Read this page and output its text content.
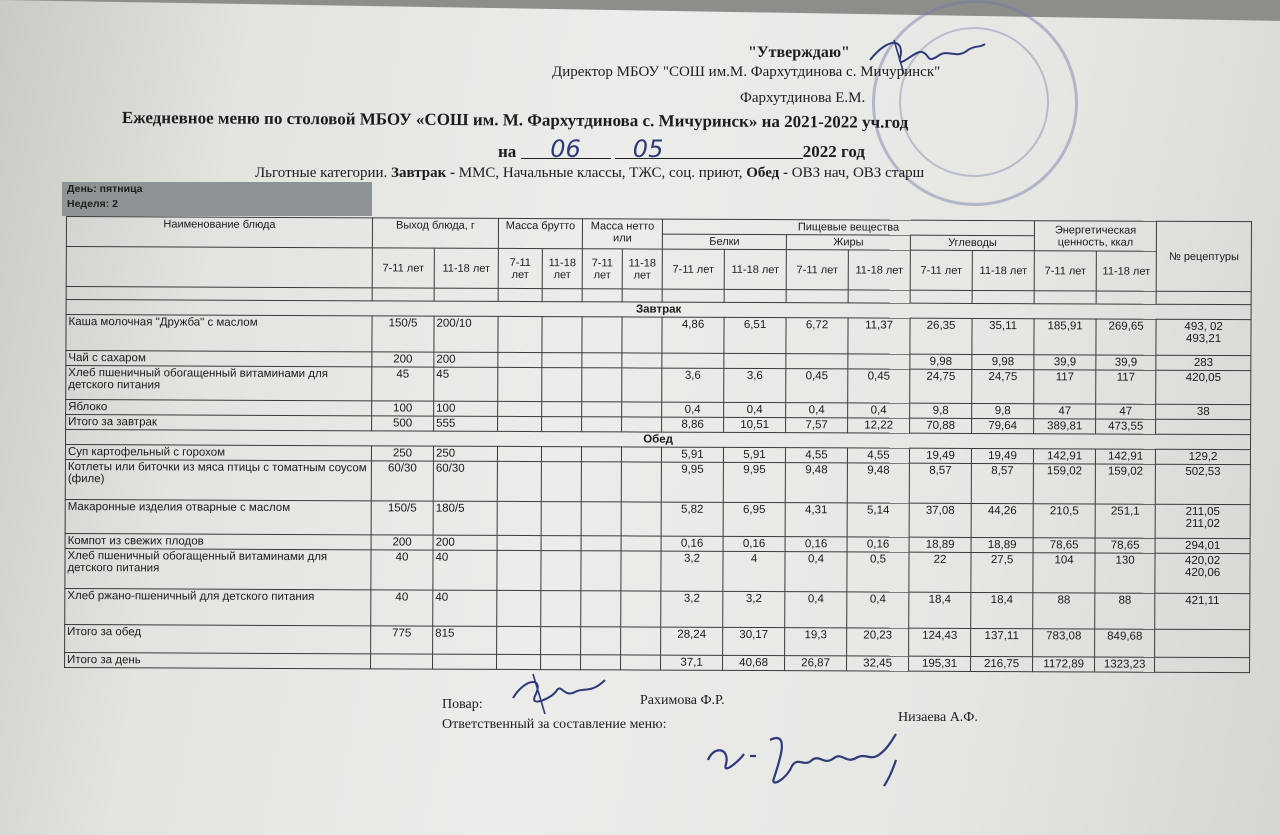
"Утверждаю"
Директор МБОУ "СОШ им.М. Фархутдинова с. Мичуринск"
Фархутдинова Е.М.
Ежедневное меню по столовой МБОУ «СОШ им. М. Фархутдинова с. Мичуринск» на 2021-2022 уч.год
на 06 05	2022 год
Льготные категории. Завтрак - ММС, Начальные классы, ТЖС, соц. приют, Обед - ОВЗ нач, ОВЗ старш
День: пятница
Неделя: 2
Наименование блюда	Выход блюда, г		Масса брутто		Масса нетто
или		Пищевые вещества						Энергетическая ценность, ккал		№ рецептуры
							Белки		Жиры		Углеводы				
	7-11 лет	11-18 лет	7-11 лет	11-18 лет	7-11 лет	11-18 лет	7-11 лет	11-18 лет	7-11 лет	11-18 лет	7-11 лет	11-18 лет	7-11 лет	11-18 лет	

Завтрак															
Каша молочная "Дружба" с маслом	150/5	200/10					4,86	6,51	6,72	11,37	26,35	35,11	185,91	269,65	493, 02
493,21
Чай с сахаром	200	200									9,98	9,98	39,9	39,9	283
Хлеб пшеничный обогащенный витаминами для детского питания	45	45					3,6	3,6	0,45	0,45	24,75	24,75	117	117	420,05
Яблоко	100	100					0,4	0,4	0,4	0,4	9,8	9,8	47	47	38
Итого за завтрак	500	555					8,86	10,51	7,57	12,22	70,88	79,64	389,81	473,55	
Обед															
Суп картофельный с горохом	250	250					5,91	5,91	4,55	4,55	19,49	19,49	142,91	142,91	129,2
Котлеты или биточки из мяса птицы с томатным соусом (филе)	60/30	60/30					9,95	9,95	9,48	9,48	8,57	8,57	159,02	159,02	502,53
Макаронные изделия отварные с маслом	150/5	180/5					5,82	6,95	4,31	5,14	37,08	44,26	210,5	251,1	211,05
211,02
Компот из свежих плодов	200	200					0,16	0,16	0,16	0,16	18,89	18,89	78,65	78,65	294,01
Хлеб пшеничный обогащенный витаминами для детского питания	40	40					3,2	4	0,4	0,5	22	27,5	104	130	420,02
420,06
Хлеб ржано-пшеничный для детского питания	40	40					3,2	3,2	0,4	0,4	18,4	18,4	88	88	421,11
Итого за обед	775	815					28,24	30,17	19,3	20,23	124,43	137,11	783,08	849,68	
Итого за день							37,1	40,68	26,87	32,45	195,31	216,75	1172,89	1323,23	
Повар:	Рахимова Ф.Р.
Ответственный за составление меню:	Низаева А.Ф.
